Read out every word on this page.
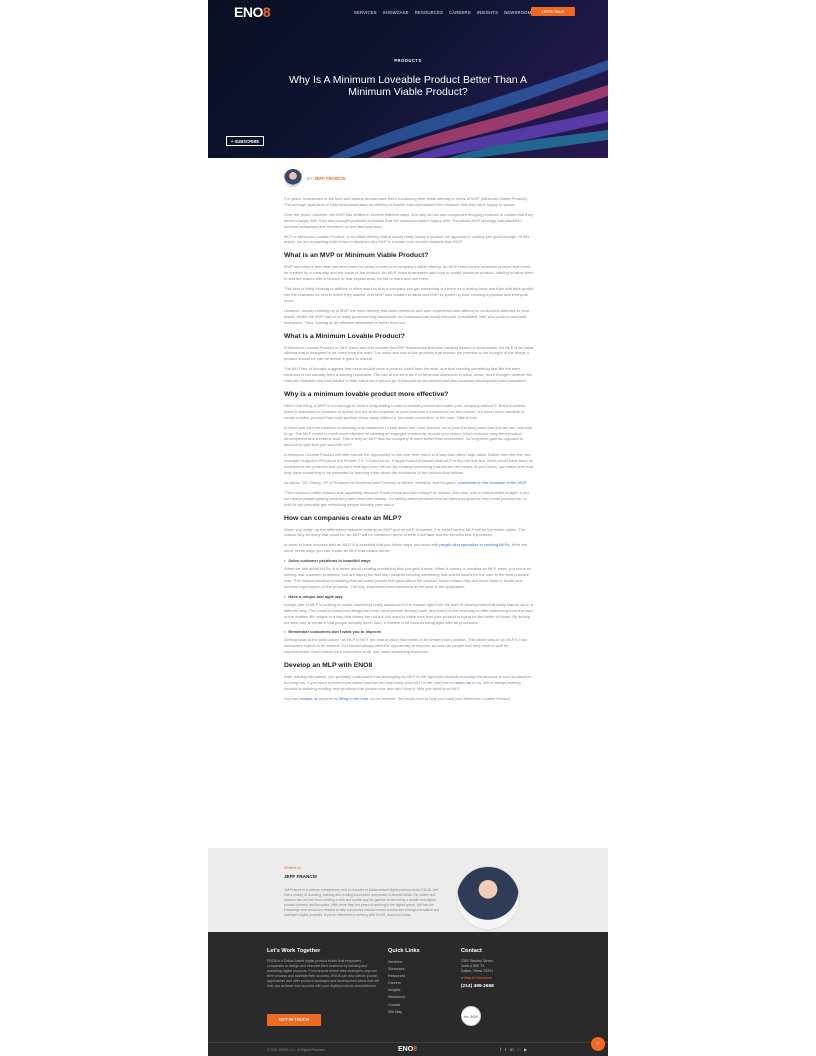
ENO8	SERVICES SHOWCASE RESOURCES CAREERS INSIGHTS NEWSROOM	LET'S TALK
PRODUCTS
Why Is A Minimum Loveable Product Better Than A Minimum Viable Product?
+ SUBSCRIBE
BY JEFF FRANCIS

For years, businesses in the tech and startup arenas have been measuring their initial offering in terms of MVP (Minimum Viable Product). The average goal aims to help businesses take an offering to market that represented the minimum that they were happy to spend.

Over the years, however, the MVP has shifted in several different ways. Not only did we see companies bringing products to market that they weren't happy with, they also brought products to market that the consumer wasn't happy with. The whole MVP ideology has started to become antiquated and therefore, a new idea was born.

MLP or Minimum Lovable Product, is an initial offering that is slowly really loving a product, as opposed to coming just good enough. In this article, we are unpacking both terms to decipher why MLP is a better term to work towards than MVP.

What is an MVP or Minimum Viable Product?

MVP has been a term that has been used for years to refer to a company's initial offering. An MVP refers to the minimum product that could be created by a company and the value of the product. An MVP helps businesses who love to create minimum product, offering to allow them to test the waters with a chance of real experiments, for fail or learn and use them.

This kind of thing thinking of attitude is often used so that a company can get something out there as a testing hook and then add their quality into the business for real in which they loaded. And MVP also created to allow and MVP to speed up their creating a product that everyone loves.

However, usually building up in MVP, the bare offering that lacks minimum and user experience also affects on consumers attitudes to your brand. Whilst the MVP can be a really great learning framework, its customers can easily become 'unsatisfied' with your product and walk elsewhere. Thus, looking at an effective alternative is better than not.

What is a Minimum Lovable Product?

A Minimum Lovable Product or MLP came about to counter the MVP frameworks that was causing issues for businesses. An MLP is an initial offering that is designed to be loved from the start. The looks and use of the products that feature the premise is the thought of the things a product should be can be before it goes to market.

The MLP line of thought suggests that users should have a product loved from the start, and that creating something that fills the bare minimum is not actually from a starting reputation. The use of the term MLP or Minimum Awesome Product arose, more thought however the Hate-de-Hateable tool had started to filter and from a person go to become as an interest and also business development and innovation.

Why is a minimum lovable product more effective?

Here's the thing, a MVP is not enough to build a long-lasting to fast-to-market product and make your company without it. But a business, there is absolutely a 'pleasure to spend' but not at the expense of your customer's experience for this reason. It's much more valuable to create a better product than build another throw-away without a 'personal connection' to the user. Take a look.

In there you can't be careless to allowing only customers to stay away from your product, so is your first thing used that you are the only way to go. The MLP model is much more effective at creating an engaged community around your brand, which includes long-term product development and a returns built. This is why an MLP that the company is more better than investment, for long-term gain as opposed to short-term gain that you see with MVP.

A Minimum Lovable Product will offer brands the opportunity to win over their users in a way that offers huge value. Notice from the line, the example of Apple's iPhone vs the iPhone 2.0, 3.0 and so on. If Apple hadn't produced that MLP in tiny the first two, there would have been no evolution of the products that you can't find right now. Hence, by creating something that will win the hearts of your users, you make sure that they have something to be interested in learning more about the evolutions of the product that follows.

As Aaron 'DZ' Zhang, VP of Products at Workflow and Formerly of Airbnb, Webflow, and Dropbox, comments on the evolution of the MVP:

"The minimum viable product was appealing because it was cheap and fast enough to release. And now, with a million-dollar budget, it just isn't about people getting what they need from this startup. I'm talking about products that are about as good as they could possibly be, or that I'd say probably get everything people actually care about."

How can companies create an MLP?

When you weigh up the differences between making an MVP and an MLP to market, it is clear that the MLP will be the better option. The reason why so many that could be, an MLP will be created in terms of time it will take and the benefits that it promises.

In order to have success with an MLP, it is essential that you follow steps and work with people who specialize in creating MLPs. Here are some of the ways you can create an MLP that makes sense.

• Solve customer problems in beautiful ways

When we talk about MLPs, it is never about creating something that just gets it done. When it comes to creating an MLP, when you focus on solving real customer problems, you are taking the first step towards creating something that solves issues for the user in the best possible way. This means creating something that will make people feel good about the product, which means they are more likely to invest and become loyal buyers of the products. The key, introduces new customers at the start of the application.

• Have a unique and agile way

A large part of MLP is looking to create something really awesome in the market right from the start of development that really stands out in a different way. The crowd to know how things are done, what people already have, and how it is the best way to offer something from the start of the market. Be unique in a way that others are not but you want to make sure that your product is trying for the better of those. By finding the best way to create it that people actually need. Also, it matters a lot towards being agile with all processes.

• Remember customers don't want you to improve

Getting back to the point above, an MLP is NOT the final product that needs to be created from scratch. The whole idea of an MLP is how customers expect to be treated. You should always offer the opportunity to improve as soon as people feel they have to wait for improvements. Don't bother your customers at all, just make something awesome.

Develop an MLP with ENO8

After reading this article, you probably understand that developing an MLP is the right path towards ensuring the success of your products in the long run. If you want to learn more about how we can help bring your MLP to life, feel free to reach out to us. We're always looking forward to building exciting new products that people love and we'd love to help you build your MLP.

You can contact us anytime by filling in the form on our website. We would love to help you build your Minimum Lovable Product.

Written by
JEFF FRANCIS
Jeff Francis is a veteran entrepreneur and co-founder of Dallas-based digital product studio ENO8. Jeff has a history of founding, building and leading successful companies in diverse fields. His career and passion has led him from creating a web and mobile app for gamers to becoming a mobile and digital product investor and innovator. With more than ten years of working in the digital space, Jeff has the knowledge and resources needed to help companies transform their businesses through innovative and intelligent digital products. If you're interested in working with ENO8, reach out today.
Let's Work Together
ENO8 is a Dallas based digital product studio that empowers companies to design and innovate their business by building and launching digital products. From brands reveal their strategies, improve their process and facilitate their success, ENO8 can also deliver proven approaches and offer product roadmaps and development plans that will help you achieve new success with your digital products and platforms.
GET IN TOUCH
Quick Links
Services
Showcase
Resources
Careers
Insights
Newsroom
Contact
Site Map
Contact
2300 Stanley Street,
Suite # 500 TX
Dallas, Texas 75201
● Map & Directions
(214) 499-2668
Inc. 5000
© 2020, ENO8, LLC. All Rights Reserved.	ENO8	f t in □ ▶
○
